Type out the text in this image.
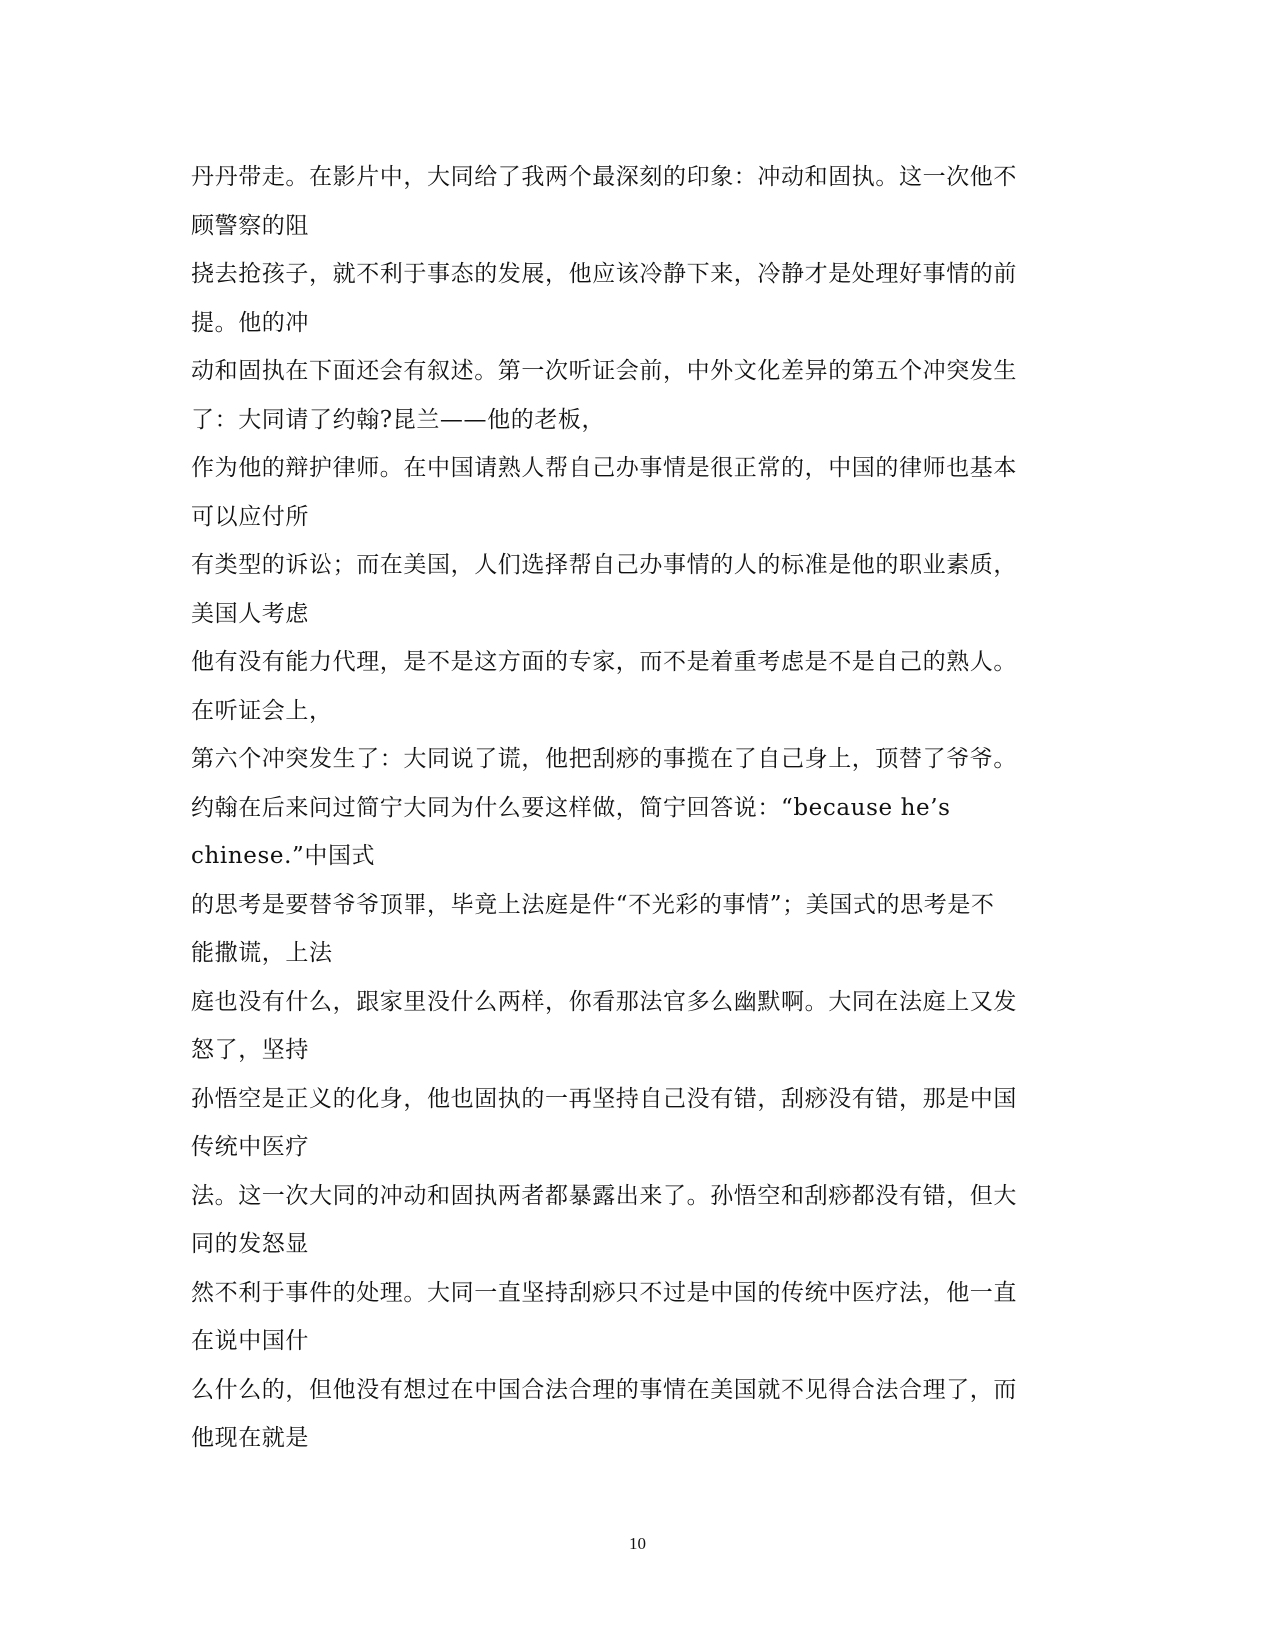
丹丹带走。在影片中，大同给了我两个最深刻的印象：冲动和固执。这一次他不
顾警察的阻
挠去抢孩子，就不利于事态的发展，他应该冷静下来，冷静才是处理好事情的前
提。他的冲
动和固执在下面还会有叙述。第一次听证会前，中外文化差异的第五个冲突发生
了：大同请了约翰?昆兰——他的老板，
作为他的辩护律师。在中国请熟人帮自己办事情是很正常的，中国的律师也基本
可以应付所
有类型的诉讼；而在美国，人们选择帮自己办事情的人的标准是他的职业素质，
美国人考虑
他有没有能力代理，是不是这方面的专家，而不是着重考虑是不是自己的熟人。
在听证会上，
第六个冲突发生了：大同说了谎，他把刮痧的事揽在了自己身上，顶替了爷爷。
约翰在后来问过简宁大同为什么要这样做，简宁回答说：“because he’s
chinese.”中国式
的思考是要替爷爷顶罪，毕竟上法庭是件“不光彩的事情”；美国式的思考是不
能撒谎，上法
庭也没有什么，跟家里没什么两样，你看那法官多么幽默啊。大同在法庭上又发
怒了，坚持
孙悟空是正义的化身，他也固执的一再坚持自己没有错，刮痧没有错，那是中国
传统中医疗
法。这一次大同的冲动和固执两者都暴露出来了。孙悟空和刮痧都没有错，但大
同的发怒显
然不利于事件的处理。大同一直坚持刮痧只不过是中国的传统中医疗法，他一直
在说中国什
么什么的，但他没有想过在中国合法合理的事情在美国就不见得合法合理了，而
他现在就是
10
